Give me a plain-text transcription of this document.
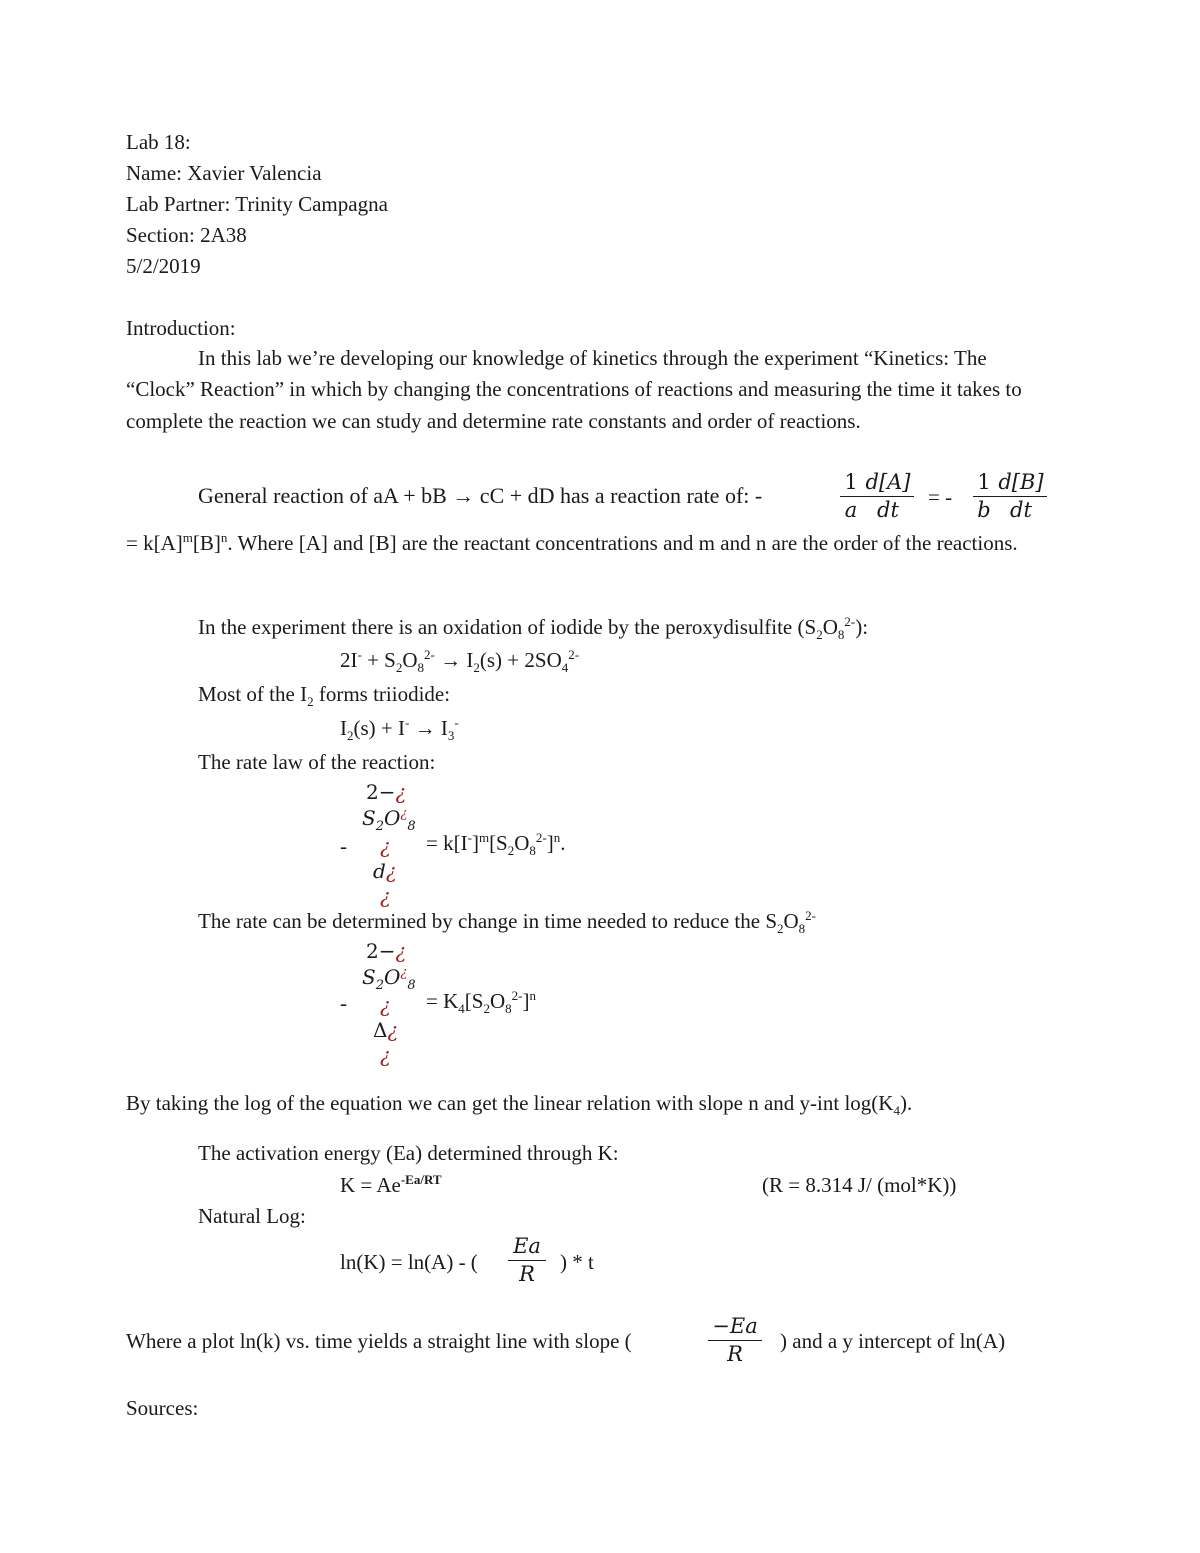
Lab 18:
Name: Xavier Valencia
Lab Partner: Trinity Campagna
Section: 2A38
5/2/2019
Introduction:
In this lab we’re developing our knowledge of kinetics through the experiment “Kinetics: The “Clock” Reaction” in which by changing the concentrations of reactions and measuring the time it takes to complete the reaction we can study and determine rate constants and order of reactions.
General reaction of aA + bB → cC + dD has a reaction rate of: -
1
a
d[A]
dt
= -
1
b
d[B]
dt
= $k[A]^m[B]^n$. Where [A] and [B] are the reactant concentrations and m and n are the order of the reactions.
In the experiment there is an oxidation of iodide by the peroxydisulfite $(S_2O_8^{2-})$:
$2I^- + S_2O_8^{2-} \to I_2(s) + 2SO_4^{2-}$
Most of the $I_2$ forms triiodide:
$I_2(s) + I^- \to I_3^-$
The rate law of the reaction:
-
2−¿
$S_2O^¿_8$
¿
d¿
¿
= $k[I^-]^m[S_2O_8^{2-}]^n$.
The rate can be determined by change in time needed to reduce the $S_2O_8^{2-}$
-
2−¿
$S_2O^¿_8$
¿
Δ¿
¿
= $K_4[S_2O_8^{2-}]^n$
By taking the log of the equation we can get the linear relation with slope n and y-int $\log(K_4)$.
The activation energy (Ea) determined through K:
$K = Ae^{-Ea/RT}$	(R = 8.314 J/ (mol*K))
Natural Log:
ln(K) = ln(A) - (
Ea
R	) * t
Where a plot ln(k) vs. time yields a straight line with slope (
−Ea
R
) and a y intercept of ln(A)
Sources:
